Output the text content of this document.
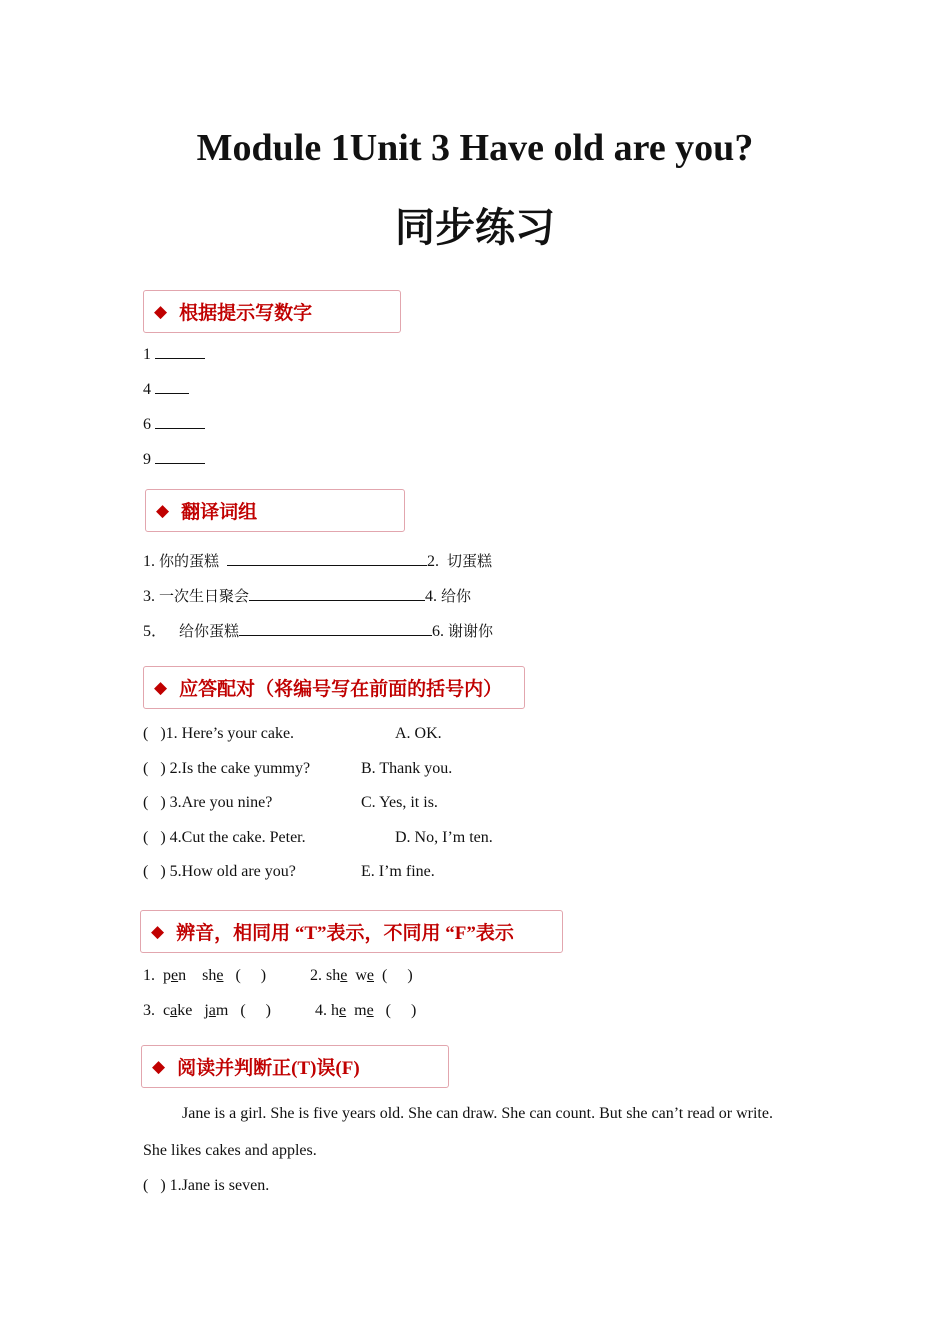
Module 1Unit 3 Have old are you?
同步练习
◆ 根据提示写数字
1
4
6
9
◆ 翻译词组
1. 你的蛋糕	2. 切蛋糕
3. 一次生日聚会	4. 给你
5． 给你蛋糕	6. 谢谢你
◆ 应答配对（将编号写在前面的括号内）
(   )1. Here’s your cake.	A. OK.
(   ) 2.Is the cake yummy?	B. Thank you.
(   ) 3.Are you nine?	C. Yes, it is.
(   ) 4.Cut the cake. Peter.	D. No, I’m ten.
(   ) 5.How old are you?	E. I’m fine.
◆ 辨音，相同用 “T”表示，不同用 “F”表示
1. pen she   (     )	2. she we  (     )
3. cake jam   (     )	4. he me   (     )
◆ 阅读并判断正(T)误(F)
Jane is a girl. She is five years old. She can draw. She can count. But she can’t read or write.
She likes cakes and apples.
(   ) 1.Jane is seven.
